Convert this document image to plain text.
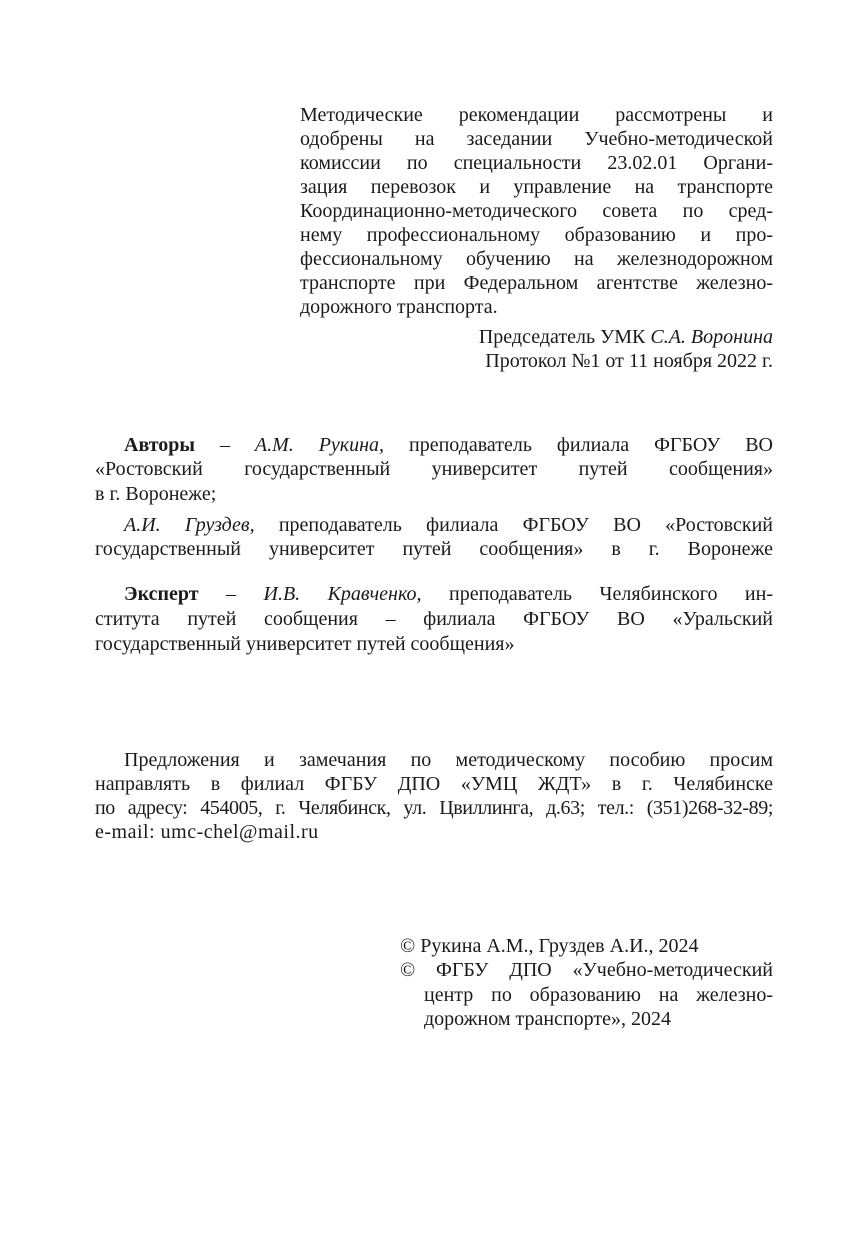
Методические рекомендации рассмотрены и
одобрены на заседании Учебно-методической
комиссии по специальности 23.02.01 Органи-
зация перевозок и управление на транспорте
Координационно-методического совета по сред-
нему профессиональному образованию и про-
фессиональному обучению на железнодорожном
транспорте при Федеральном агентстве железно-
дорожного транспорта.
Председатель УМК С.А. Воронина
Протокол №1 от 11 ноября 2022 г.
Авторы – А.М. Рукина, преподаватель филиала ФГБОУ ВО
«Ростовский государственный университет путей сообщения»
в г. Воронеже;
А.И. Груздев, преподаватель филиала ФГБОУ ВО «Ростовский
государственный университет путей сообщения» в г. Воронеже
Эксперт – И.В. Кравченко, преподаватель Челябинского ин-
ститута путей сообщения – филиала ФГБОУ ВО «Уральский
государственный университет путей сообщения»
Предложения и замечания по методическому пособию просим
направлять в филиал ФГБУ ДПО «УМЦ ЖДТ» в г. Челябинске
по адресу: 454005, г. Челябинск, ул. Цвиллинга, д.63; тел.: (351)268-32-89;
e-mail: umc-chel@mail.ru
© Рукина А.М., Груздев А.И., 2024
© ФГБУ ДПО «Учебно-методический
центр по образованию на железно-
дорожном транспорте», 2024
